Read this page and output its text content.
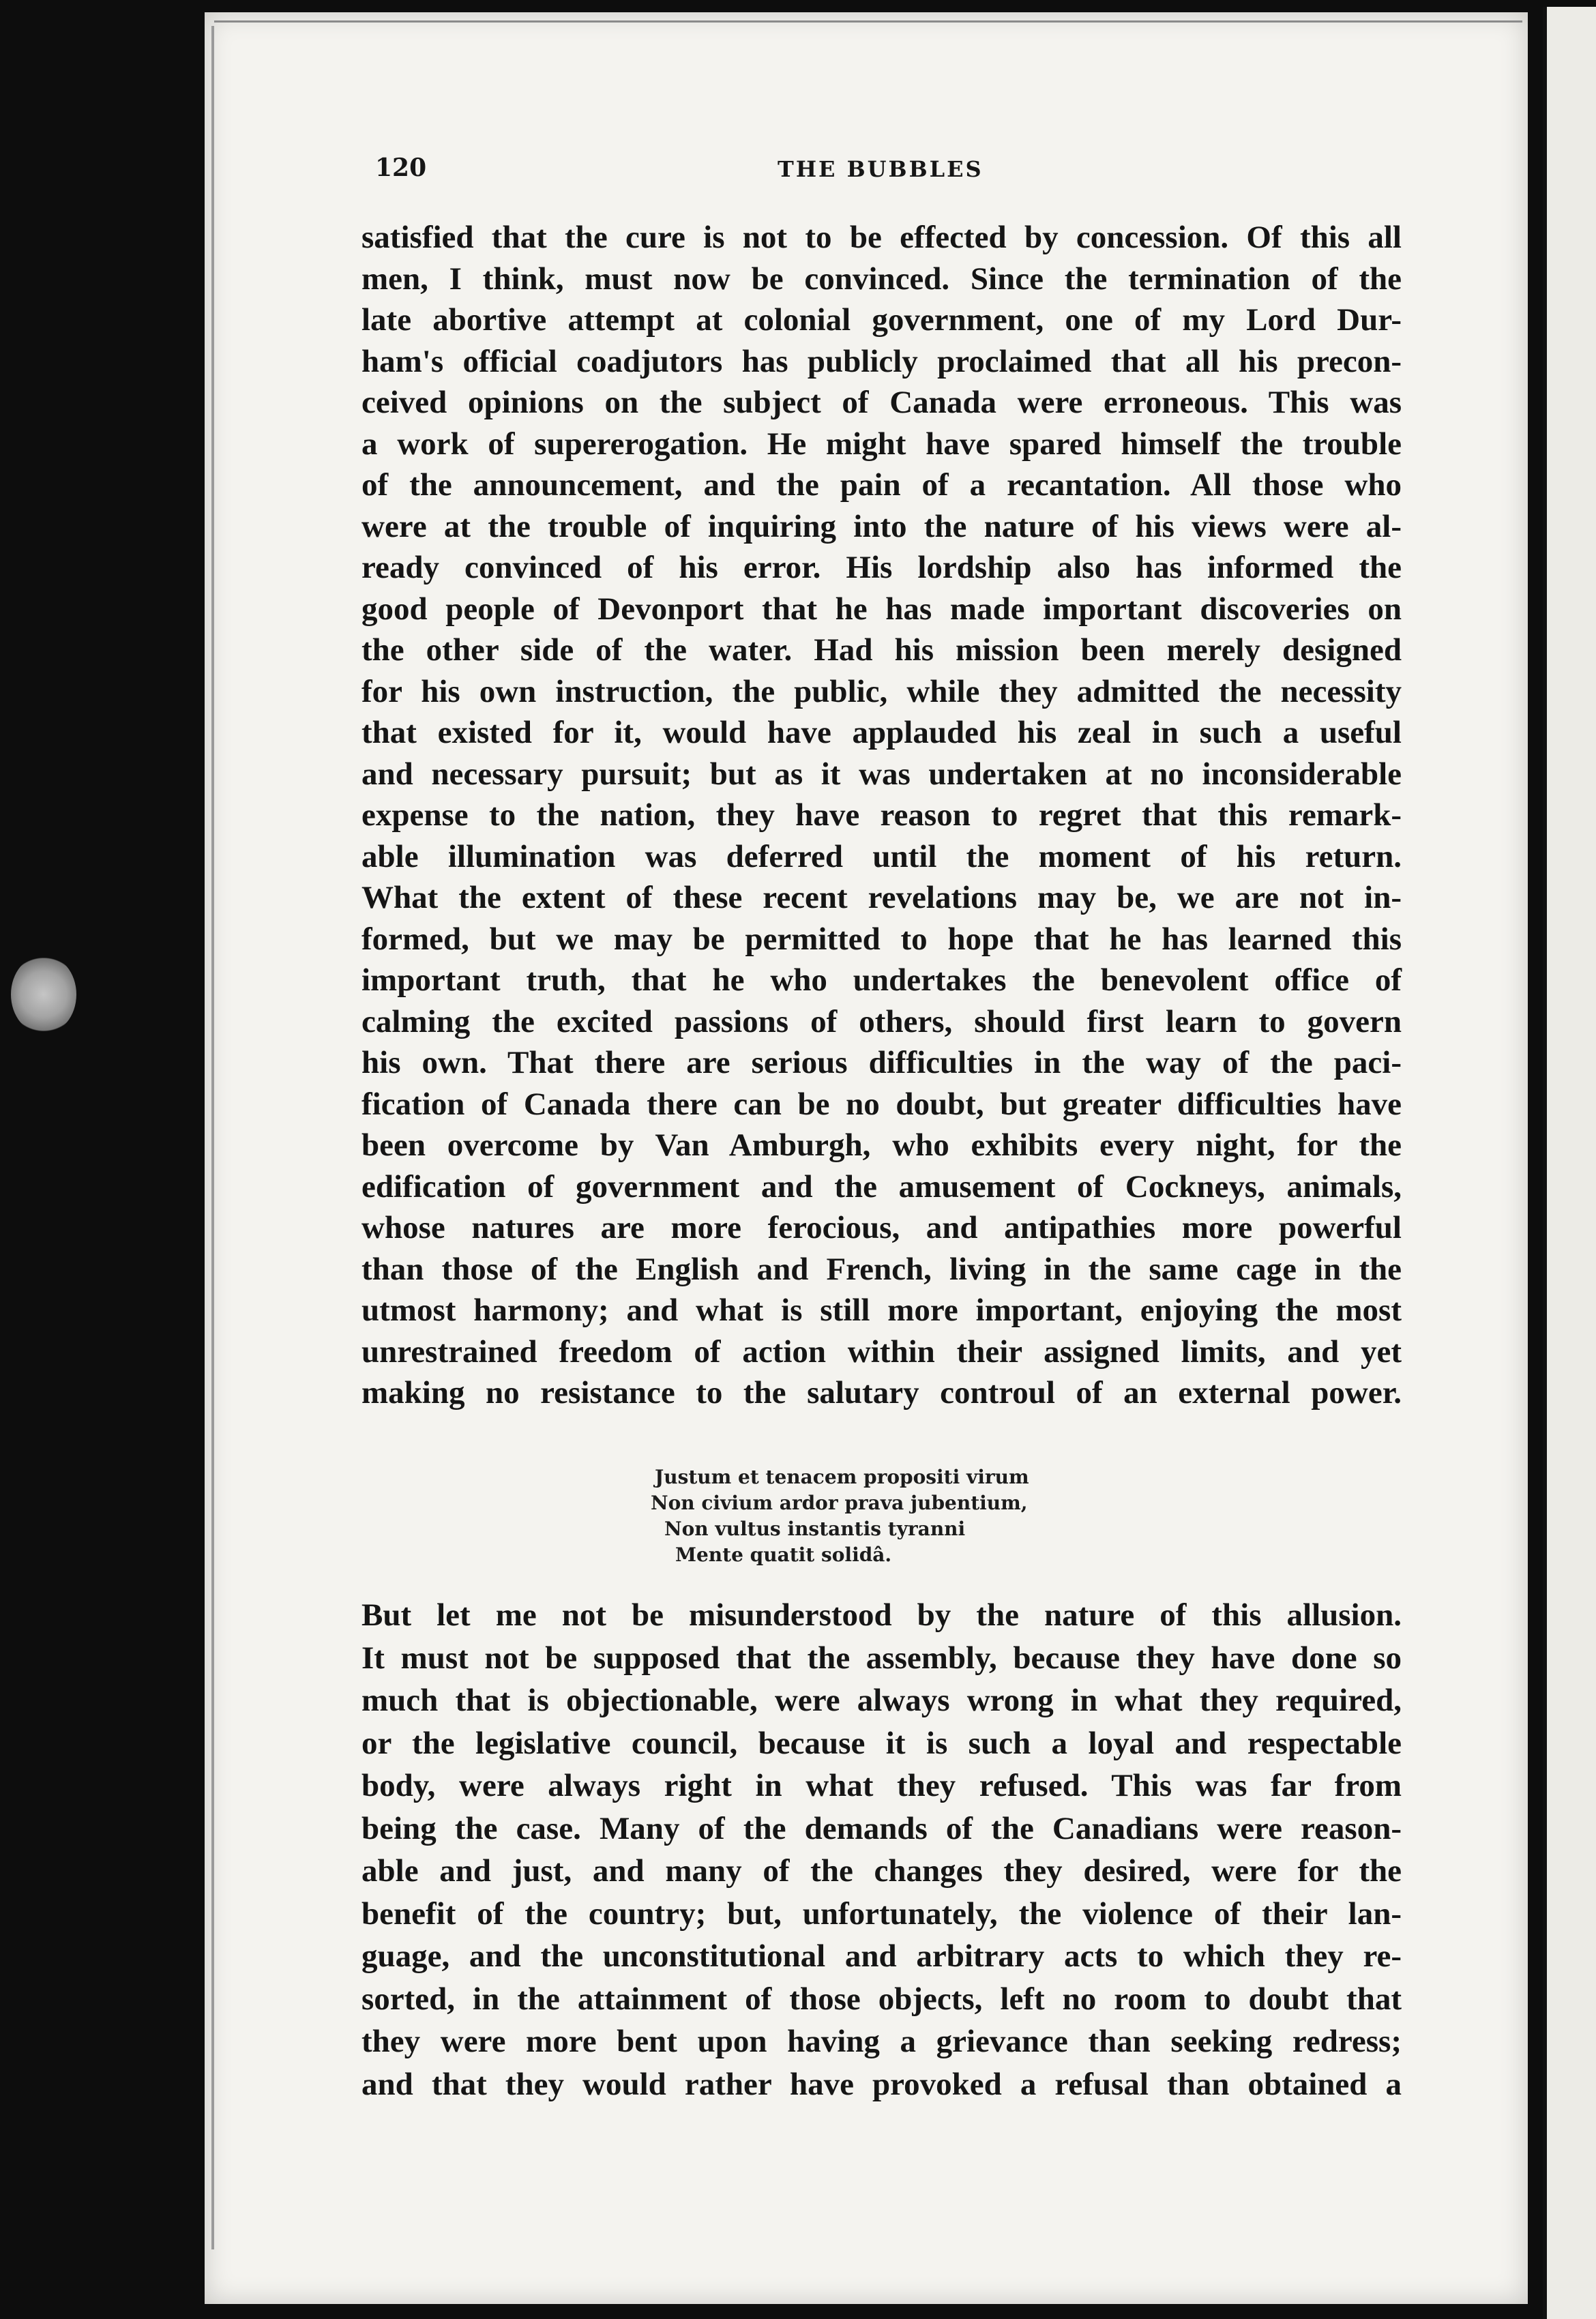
120	THE BUBBLES
satisfied that the cure is not to be effected by concession. Of this all
men, I think, must now be convinced. Since the termination of the
late abortive attempt at colonial government, one of my Lord Dur-
ham's official coadjutors has publicly proclaimed that all his precon-
ceived opinions on the subject of Canada were erroneous. This was
a work of supererogation. He might have spared himself the trouble
of the announcement, and the pain of a recantation. All those who
were at the trouble of inquiring into the nature of his views were al-
ready convinced of his error. His lordship also has informed the
good people of Devonport that he has made important discoveries on
the other side of the water. Had his mission been merely designed
for his own instruction, the public, while they admitted the necessity
that existed for it, would have applauded his zeal in such a useful
and necessary pursuit; but as it was undertaken at no inconsiderable
expense to the nation, they have reason to regret that this remark-
able illumination was deferred until the moment of his return.
What the extent of these recent revelations may be, we are not in-
formed, but we may be permitted to hope that he has learned this
important truth, that he who undertakes the benevolent office of
calming the excited passions of others, should first learn to govern
his own. That there are serious difficulties in the way of the paci-
fication of Canada there can be no doubt, but greater difficulties have
been overcome by Van Amburgh, who exhibits every night, for the
edification of government and the amusement of Cockneys, animals,
whose natures are more ferocious, and antipathies more powerful
than those of the English and French, living in the same cage in the
utmost harmony; and what is still more important, enjoying the most
unrestrained freedom of action within their assigned limits, and yet
making no resistance to the salutary controul of an external power.
Justum et tenacem propositi virum
Non civium ardor prava jubentium,
Non vultus instantis tyranni
Mente quatit solidâ.
But let me not be misunderstood by the nature of this allusion.
It must not be supposed that the assembly, because they have done so
much that is objectionable, were always wrong in what they required,
or the legislative council, because it is such a loyal and respectable
body, were always right in what they refused. This was far from
being the case. Many of the demands of the Canadians were reason-
able and just, and many of the changes they desired, were for the
benefit of the country; but, unfortunately, the violence of their lan-
guage, and the unconstitutional and arbitrary acts to which they re-
sorted, in the attainment of those objects, left no room to doubt that
they were more bent upon having a grievance than seeking redress;
and that they would rather have provoked a refusal than obtained a
